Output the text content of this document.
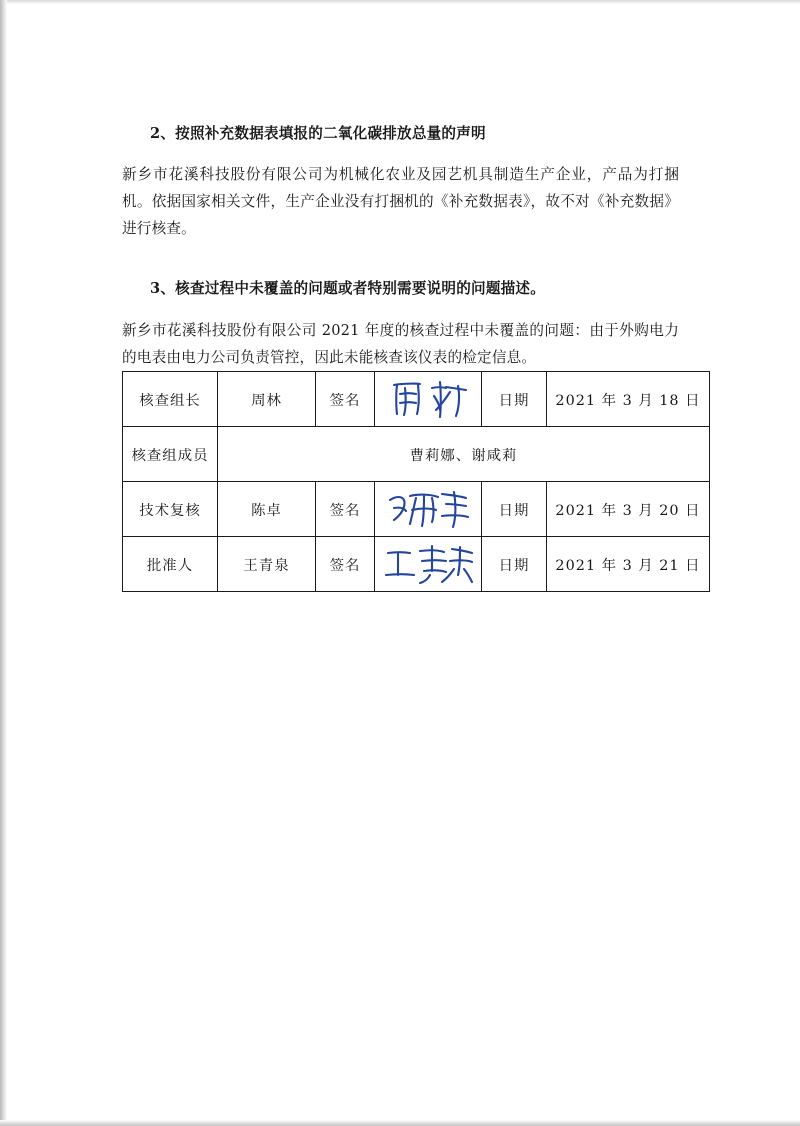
2、按照补充数据表填报的二氧化碳排放总量的声明

新乡市花溪科技股份有限公司为机械化农业及园艺机具制造生产企业，产品为打捆机。依据国家相关文件，生产企业没有打捆机的《补充数据表》，故不对《补充数据》进行核查。

3、核查过程中未覆盖的问题或者特别需要说明的问题描述。

新乡市花溪科技股份有限公司 2021 年度的核查过程中未覆盖的问题：由于外购电力的电表由电力公司负责管控，因此未能核查该仪表的检定信息。

核查组长	周林	签名		日期	2021 年 3 月 18 日
核查组成员	曹莉娜、谢咸莉				
技术复核	陈卓	签名		日期	2021 年 3 月 20 日
批准人	王青泉	签名		日期	2021 年 3 月 21 日
